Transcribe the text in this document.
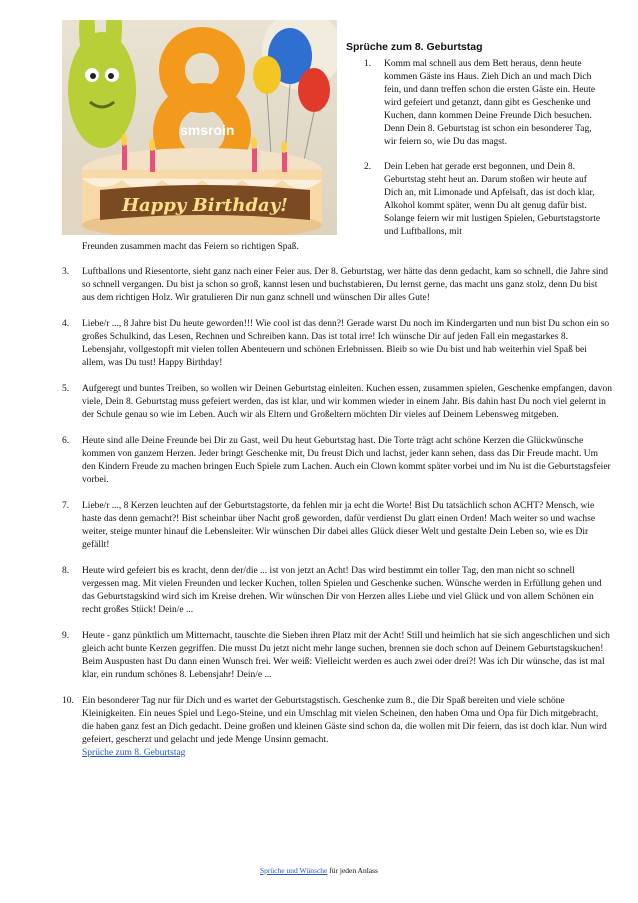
smsroin
Happy Birthday!
Sprüche zum 8. Geburtstag
1. Komm mal schnell aus dem Bett heraus, denn heute kommen Gäste ins Haus. Zieh Dich an und mach Dich fein, und dann treffen schon die ersten Gäste ein. Heute wird gefeiert und getanzt, dann gibt es Geschenke und Kuchen, dann kommen Deine Freunde Dich besuchen. Denn Dein 8. Geburtstag ist schon ein besonderer Tag, wir feiern so, wie Du das magst.
2. Dein Leben hat gerade erst begonnen, und Dein 8. Geburtstag steht heut an. Darum stoßen wir heute auf Dich an, mit Limonade und Apfelsaft, das ist doch klar, Alkohol kommt später, wenn Du alt genug dafür bist. Solange feiern wir mit lustigen Spielen, Geburtstagstorte und Luftballons, mit
Freunden zusammen macht das Feiern so richtigen Spaß.
3. Luftballons und Riesentorte, sieht ganz nach einer Feier aus. Der 8. Geburtstag, wer hätte das denn gedacht, kam so schnell, die Jahre sind so schnell vergangen. Du bist ja schon so groß, kannst lesen und buchstabieren, Du lernst gerne, das macht uns ganz stolz, denn Du bist aus dem richtigen Holz. Wir gratulieren Dir nun ganz schnell und wünschen Dir alles Gute!
4. Liebe/r ..., 8 Jahre bist Du heute geworden!!! Wie cool ist das denn?! Gerade warst Du noch im Kindergarten und nun bist Du schon ein so großes Schulkind, das Lesen, Rechnen und Schreiben kann. Das ist total irre! Ich wünsche Dir auf jeden Fall ein megastarkes 8. Lebensjahr, vollgestopft mit vielen tollen Abenteuern und schönen Erlebnissen. Bleib so wie Du bist und hab weiterhin viel Spaß bei allem, was Du tust! Happy Birthday!
5. Aufgeregt und buntes Treiben, so wollen wir Deinen Geburtstag einleiten. Kuchen essen, zusammen spielen, Geschenke empfangen, davon viele, Dein 8. Geburtstag muss gefeiert werden, das ist klar, und wir kommen wieder in einem Jahr. Bis dahin hast Du noch viel gelernt in der Schule genau so wie im Leben. Auch wir als Eltern und Großeltern möchten Dir vieles auf Deinem Lebensweg mitgeben.
6. Heute sind alle Deine Freunde bei Dir zu Gast, weil Du heut Geburtstag hast. Die Torte trägt acht schöne Kerzen die Glückwünsche kommen von ganzem Herzen. Jeder bringt Geschenke mit, Du freust Dich und lachst, jeder kann sehen, dass das Dir Freude macht. Um den Kindern Freude zu machen bringen Euch Spiele zum Lachen. Auch ein Clown kommt später vorbei und im Nu ist die Geburtstagsfeier vorbei.
7. Liebe/r ..., 8 Kerzen leuchten auf der Geburtstagstorte, da fehlen mir ja echt die Worte! Bist Du tatsächlich schon ACHT? Mensch, wie haste das denn gemacht?! Bist scheinbar über Nacht groß geworden, dafür verdienst Du glatt einen Orden! Mach weiter so und wachse weiter, steige munter hinauf die Lebensleiter. Wir wünschen Dir dabei alles Glück dieser Welt und gestalte Dein Leben so, wie es Dir gefällt!
8. Heute wird gefeiert bis es kracht, denn der/die ... ist von jetzt an Acht! Das wird bestimmt ein toller Tag, den man nicht so schnell vergessen mag. Mit vielen Freunden und lecker Kuchen, tollen Spielen und Geschenke suchen. Wünsche werden in Erfüllung gehen und das Geburtstagskind wird sich im Kreise drehen. Wir wünschen Dir von Herzen alles Liebe und viel Glück und von allem Schönen ein recht großes Stück! Dein/e ...
9. Heute - ganz pünktlich um Mitternacht, tauschte die Sieben ihren Platz mit der Acht! Still und heimlich hat sie sich angeschlichen und sich gleich acht bunte Kerzen gegriffen. Die musst Du jetzt nicht mehr lange suchen, brennen sie doch schon auf Deinem Geburtstagskuchen! Beim Auspusten hast Du dann einen Wunsch frei. Wer weiß: Vielleicht werden es auch zwei oder drei?! Was ich Dir wünsche, das ist mal klar, ein rundum schönes 8. Lebensjahr! Dein/e ...
10. Ein besonderer Tag nur für Dich und es wartet der Geburtstagstisch. Geschenke zum 8., die Dir Spaß bereiten und viele schöne Kleinigkeiten. Ein neues Spiel und Lego-Steine, und ein Umschlag mit vielen Scheinen, den haben Oma und Opa für Dich mitgebracht, die haben ganz fest an Dich gedacht. Deine großen und kleinen Gäste sind schon da, die wollen mit Dir feiern, das ist doch klar. Nun wird gefeiert, gescherzt und gelacht und jede Menge Unsinn gemacht.
Sprüche zum 8. Geburtstag
Sprüche und Wünsche für jeden Anlass
